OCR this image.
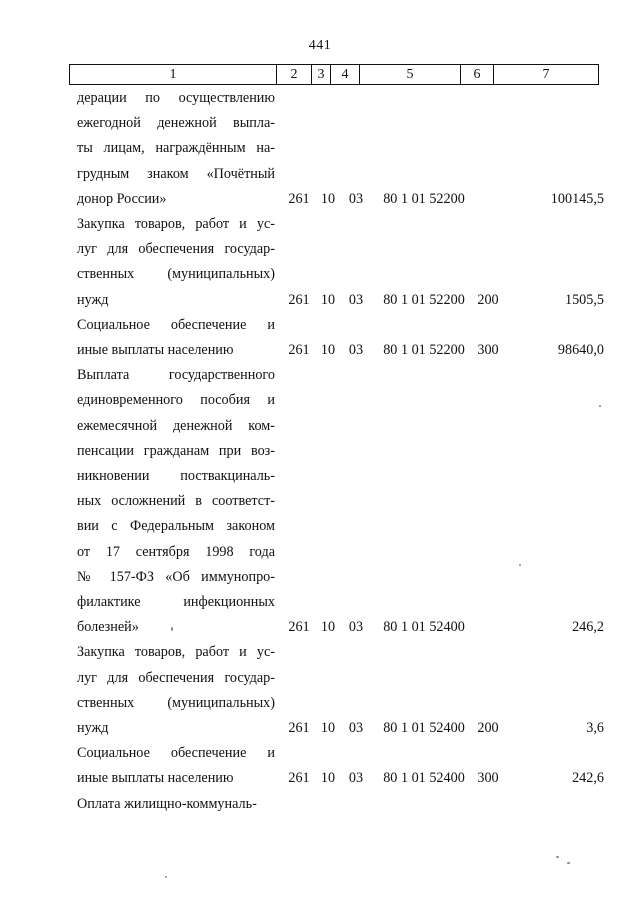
441
1	2	3	4	5	6	7
дерации по осуществлению
ежегодной денежной выпла-
ты лицам, награждённым на-
грудным знаком «Почётный
донор России»	261 10 03	80 1 01 52200	100145,5
Закупка товаров, работ и ус-
луг для обеспечения государ-
ственных (муниципальных)
нужд	261 10 03	80 1 01 52200 200	1505,5
Социальное обеспечение и
иные выплаты населению	261 10 03	80 1 01 52200 300	98640,0
Выплата государственного
единовременного пособия и
ежемесячной денежной ком-
пенсации гражданам при воз-
никновении поствакциналь-
ных осложнений в соответст-
вии с Федеральным законом
от 17 сентября 1998 года
№ 157-ФЗ «Об иммунопро-
филактике инфекционных
болезней»	261 10 03	80 1 01 52400	246,2
Закупка товаров, работ и ус-
луг для обеспечения государ-
ственных (муниципальных)
нужд	261 10 03	80 1 01 52400 200	3,6
Социальное обеспечение и
иные выплаты населению	261 10 03	80 1 01 52400 300	242,6
Оплата жилищно-коммуналь-
